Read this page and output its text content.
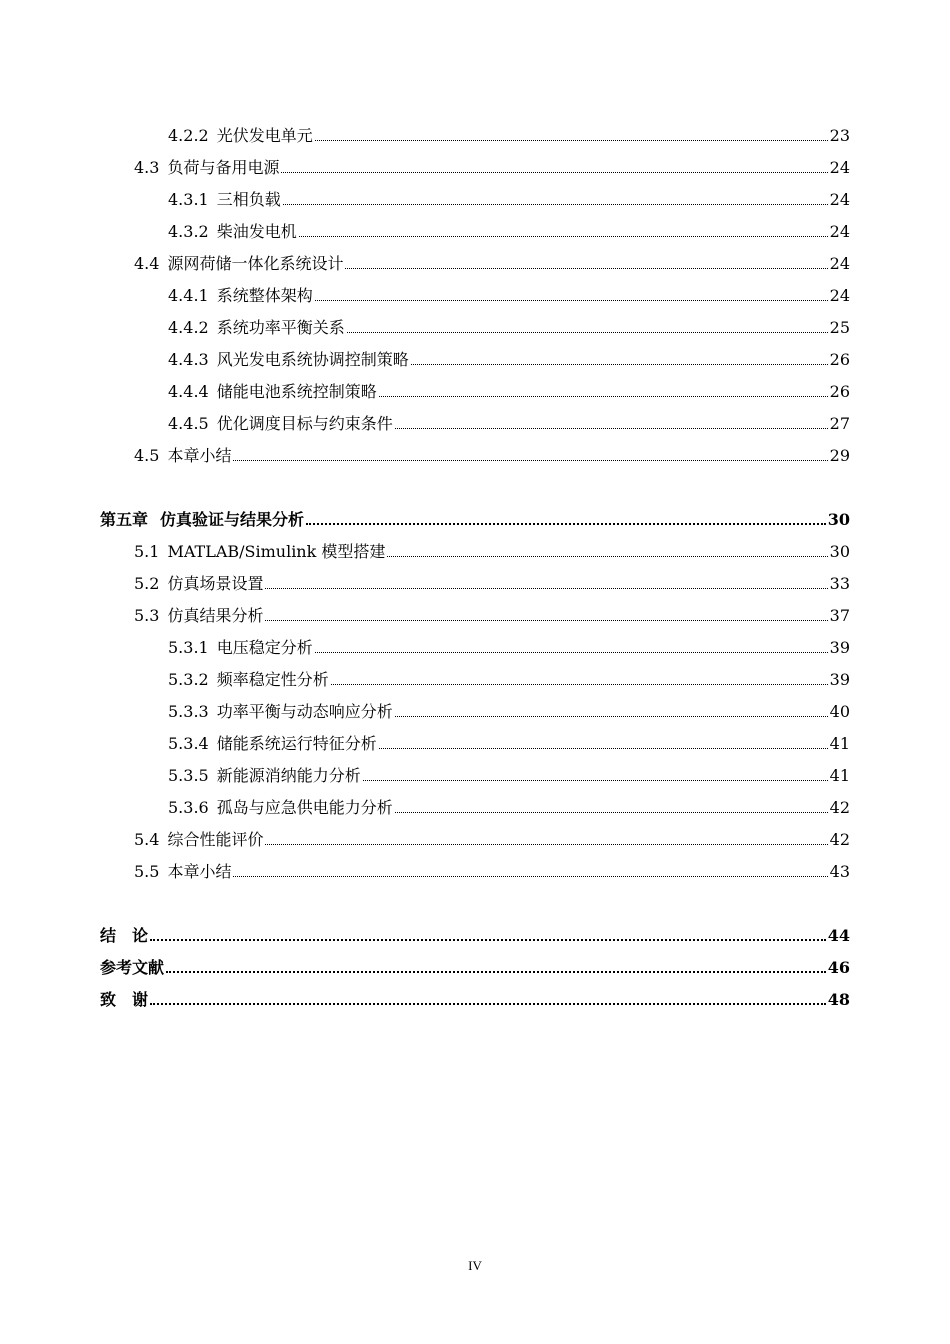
4.2.2 光伏发电单元	23
4.3 负荷与备用电源	24
4.3.1 三相负载	24
4.3.2 柴油发电机	24
4.4 源网荷储一体化系统设计	24
4.4.1 系统整体架构	24
4.4.2 系统功率平衡关系	25
4.4.3 风光发电系统协调控制策略	26
4.4.4 储能电池系统控制策略	26
4.4.5 优化调度目标与约束条件	27
4.5 本章小结	29
第五章 仿真验证与结果分析	30
5.1 MATLAB/Simulink 模型搭建	30
5.2 仿真场景设置	33
5.3 仿真结果分析	37
5.3.1 电压稳定分析	39
5.3.2 频率稳定性分析	39
5.3.3 功率平衡与动态响应分析	40
5.3.4 储能系统运行特征分析	41
5.3.5 新能源消纳能力分析	41
5.3.6 孤岛与应急供电能力分析	42
5.4 综合性能评价	42
5.5 本章小结	43
结　论	44
参考文献	46
致　谢	48
IV
